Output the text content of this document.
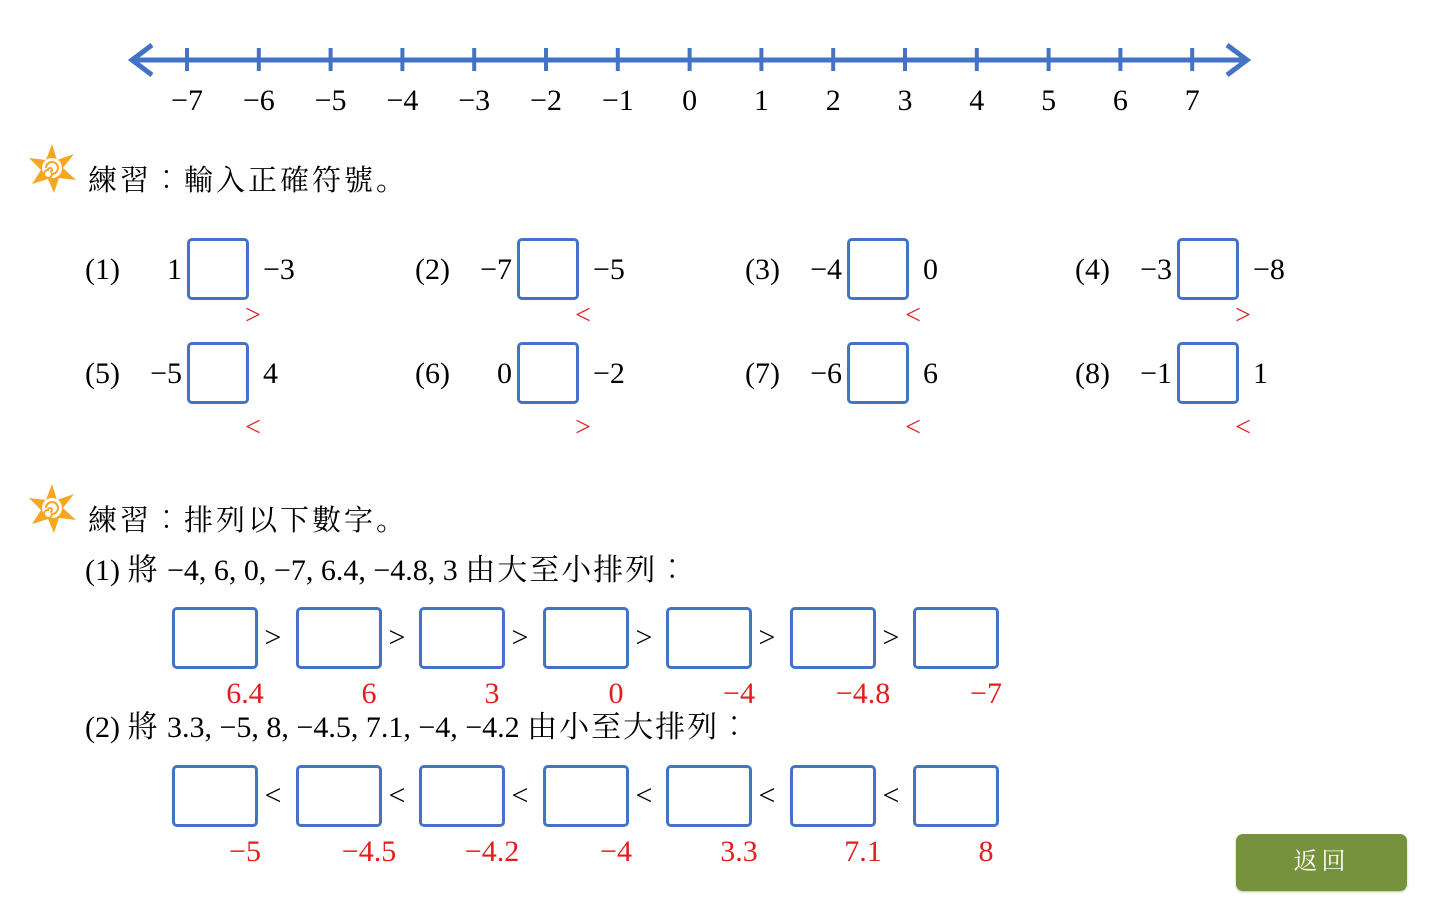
−7 −6 −5 −4 −3 −2 −1	0	1	2	3	4	5	6	7
練習︰輸入正確符號。
(1)	1	−3
>
(2) −7	−5
<
(3) −4	0
<
(4) −3	−8
>
(5) −5	4
<
(6)	0	−2
>
(7) −6	6
<
(8) −1	1
<
練習︰排列以下數字。
(1) 將 −4, 6, 0, −7, 6.4, −4.8, 3 由大至小排列︰
6.4
>
6
>
3
>
0
>
−4
>
−4.8
>
−7
(2) 將 3.3, −5, 8, −4.5, 7.1, −4, −4.2 由小至大排列︰
−5
<
−4.5
<
−4.2
<
−4
<
3.3
<
7.1
<
8	返回
